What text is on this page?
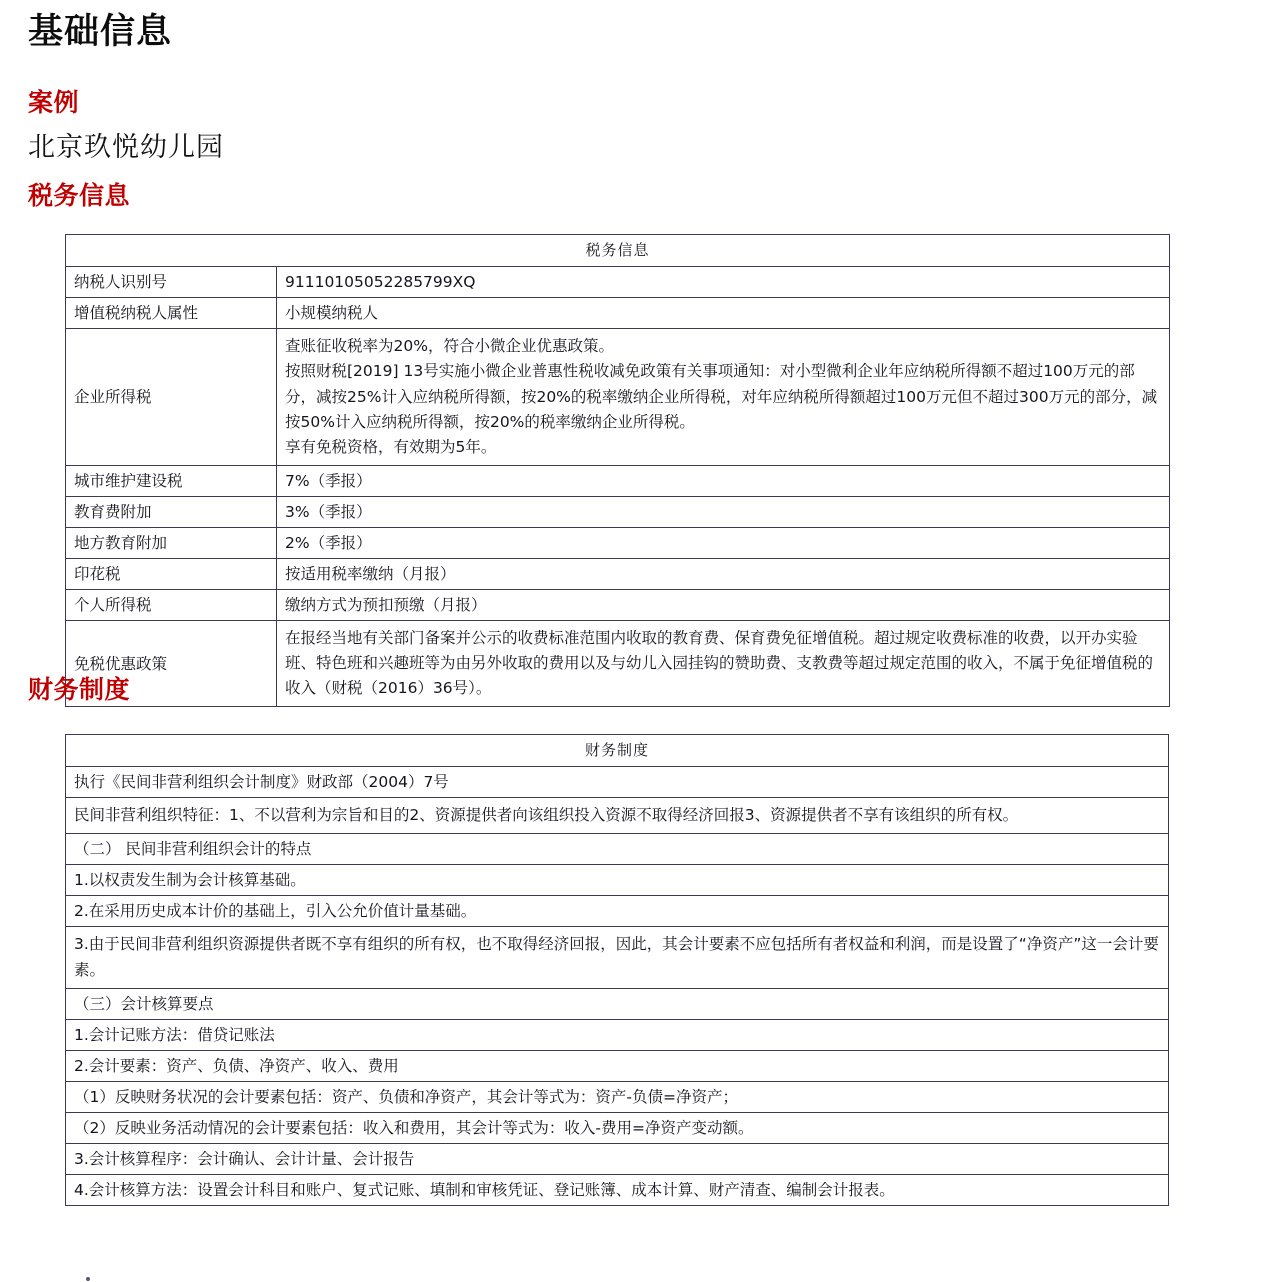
基础信息
案例
北京玖悦幼儿园
税务信息
税务信息	
纳税人识别号	91110105052285799XQ
增值税纳税人属性	小规模纳税人
企业所得税	查账征收税率为20%，符合小微企业优惠政策。

按照财税[2019] 13号实施小微企业普惠性税收减免政策有关事项通知：对小型微利企业年应纳税所得额不超过100万元的部分，减按25%计入应纳税所得额，按20%的税率缴纳企业所得税，对年应纳税所得额超过100万元但不超过300万元的部分，减按50%计入应纳税所得额，按20%的税率缴纳企业所得税。

享有免税资格，有效期为5年。

城市维护建设税	7%（季报）
教育费附加	3%（季报）
地方教育附加	2%（季报）
印花税	按适用税率缴纳（月报）
个人所得税	缴纳方式为预扣预缴（月报）
免税优惠政策	在报经当地有关部门备案并公示的收费标准范围内收取的教育费、保育费免征增值税。超过规定收费标准的收费，以开办实验班、特色班和兴趣班等为由另外收取的费用以及与幼儿入园挂钩的赞助费、支教费等超过规定范围的收入，不属于免征增值税的收入（财税（2016）36号）。
财务制度
财务制度
执行《民间非营利组织会计制度》财政部（2004）7号
民间非营利组织特征：1、不以营利为宗旨和目的2、资源提供者向该组织投入资源不取得经济回报3、资源提供者不享有该组织的所有权。
（二） 民间非营利组织会计的特点
1.以权责发生制为会计核算基础。
2.在采用历史成本计价的基础上，引入公允价值计量基础。
3.由于民间非营利组织资源提供者既不享有组织的所有权，也不取得经济回报，因此，其会计要素不应包括所有者权益和利润，而是设置了“净资产”这一会计要素。
（三）会计核算要点
1.会计记账方法：借贷记账法
2.会计要素：资产、负债、净资产、收入、费用
（1）反映财务状况的会计要素包括：资产、负债和净资产，其会计等式为：资产-负债=净资产；
（2）反映业务活动情况的会计要素包括：收入和费用，其会计等式为：收入-费用=净资产变动额。
3.会计核算程序：会计确认、会计计量、会计报告
4.会计核算方法：设置会计科目和账户、复式记账、填制和审核凭证、登记账簿、成本计算、财产清查、编制会计报表。
